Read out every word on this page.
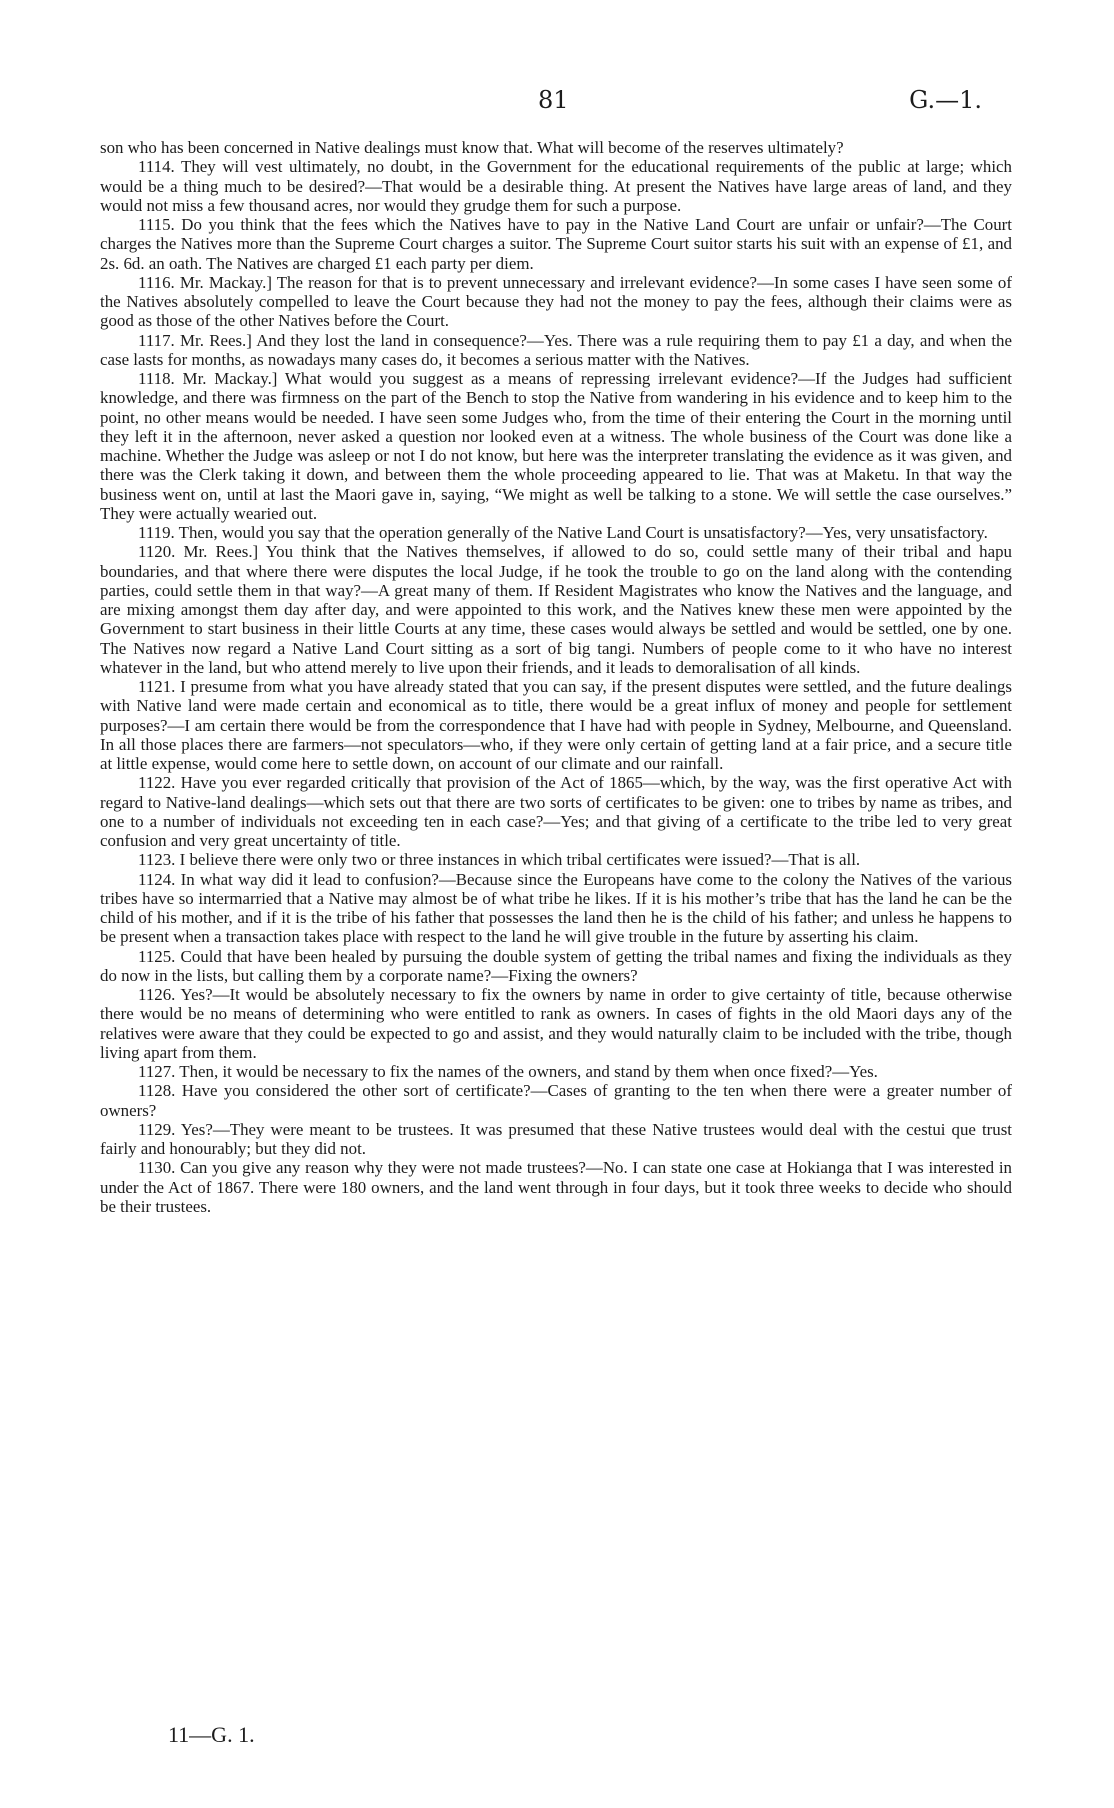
81	G.—1.

son who has been concerned in Native dealings must know that. What will become of the reserves ultimately?

1114. They will vest ultimately, no doubt, in the Government for the educational requirements of the public at large; which would be a thing much to be desired?—That would be a desirable thing. At present the Natives have large areas of land, and they would not miss a few thousand acres, nor would they grudge them for such a purpose.

1115. Do you think that the fees which the Natives have to pay in the Native Land Court are unfair or unfair?—The Court charges the Natives more than the Supreme Court charges a suitor. The Supreme Court suitor starts his suit with an expense of £1, and 2s. 6d. an oath. The Natives are charged £1 each party per diem.

1116. Mr. Mackay.] The reason for that is to prevent unnecessary and irrelevant evidence?—In some cases I have seen some of the Natives absolutely compelled to leave the Court because they had not the money to pay the fees, although their claims were as good as those of the other Natives before the Court.

1117. Mr. Rees.] And they lost the land in consequence?—Yes. There was a rule requiring them to pay £1 a day, and when the case lasts for months, as nowadays many cases do, it becomes a serious matter with the Natives.

1118. Mr. Mackay.] What would you suggest as a means of repressing irrelevant evidence?—If the Judges had sufficient knowledge, and there was firmness on the part of the Bench to stop the Native from wandering in his evidence and to keep him to the point, no other means would be needed. I have seen some Judges who, from the time of their entering the Court in the morning until they left it in the afternoon, never asked a question nor looked even at a witness. The whole business of the Court was done like a machine. Whether the Judge was asleep or not I do not know, but here was the interpreter translating the evidence as it was given, and there was the Clerk taking it down, and between them the whole proceeding appeared to lie. That was at Maketu. In that way the business went on, until at last the Maori gave in, saying, “We might as well be talking to a stone. We will settle the case ourselves.” They were actually wearied out.

1119. Then, would you say that the operation generally of the Native Land Court is unsatisfactory?—Yes, very unsatisfactory.

1120. Mr. Rees.] You think that the Natives themselves, if allowed to do so, could settle many of their tribal and hapu boundaries, and that where there were disputes the local Judge, if he took the trouble to go on the land along with the contending parties, could settle them in that way?—A great many of them. If Resident Magistrates who know the Natives and the language, and are mixing amongst them day after day, and were appointed to this work, and the Natives knew these men were appointed by the Government to start business in their little Courts at any time, these cases would always be settled and would be settled, one by one. The Natives now regard a Native Land Court sitting as a sort of big tangi. Numbers of people come to it who have no interest whatever in the land, but who attend merely to live upon their friends, and it leads to demoralisation of all kinds.

1121. I presume from what you have already stated that you can say, if the present disputes were settled, and the future dealings with Native land were made certain and economical as to title, there would be a great influx of money and people for settlement purposes?—I am certain there would be from the correspondence that I have had with people in Sydney, Melbourne, and Queensland. In all those places there are farmers—not speculators—who, if they were only certain of getting land at a fair price, and a secure title at little expense, would come here to settle down, on account of our climate and our rainfall.

1122. Have you ever regarded critically that provision of the Act of 1865—which, by the way, was the first operative Act with regard to Native-land dealings—which sets out that there are two sorts of certificates to be given: one to tribes by name as tribes, and one to a number of individuals not exceeding ten in each case?—Yes; and that giving of a certificate to the tribe led to very great confusion and very great uncertainty of title.

1123. I believe there were only two or three instances in which tribal certificates were issued?—That is all.

1124. In what way did it lead to confusion?—Because since the Europeans have come to the colony the Natives of the various tribes have so intermarried that a Native may almost be of what tribe he likes. If it is his mother’s tribe that has the land he can be the child of his mother, and if it is the tribe of his father that possesses the land then he is the child of his father; and unless he happens to be present when a transaction takes place with respect to the land he will give trouble in the future by asserting his claim.

1125. Could that have been healed by pursuing the double system of getting the tribal names and fixing the individuals as they do now in the lists, but calling them by a corporate name?—Fixing the owners?

1126. Yes?—It would be absolutely necessary to fix the owners by name in order to give certainty of title, because otherwise there would be no means of determining who were entitled to rank as owners. In cases of fights in the old Maori days any of the relatives were aware that they could be expected to go and assist, and they would naturally claim to be included with the tribe, though living apart from them.

1127. Then, it would be necessary to fix the names of the owners, and stand by them when once fixed?—Yes.

1128. Have you considered the other sort of certificate?—Cases of granting to the ten when there were a greater number of owners?

1129. Yes?—They were meant to be trustees. It was presumed that these Native trustees would deal with the cestui que trust fairly and honourably; but they did not.

1130. Can you give any reason why they were not made trustees?—No. I can state one case at Hokianga that I was interested in under the Act of 1867. There were 180 owners, and the land went through in four days, but it took three weeks to decide who should be their trustees.

11—G. 1.
